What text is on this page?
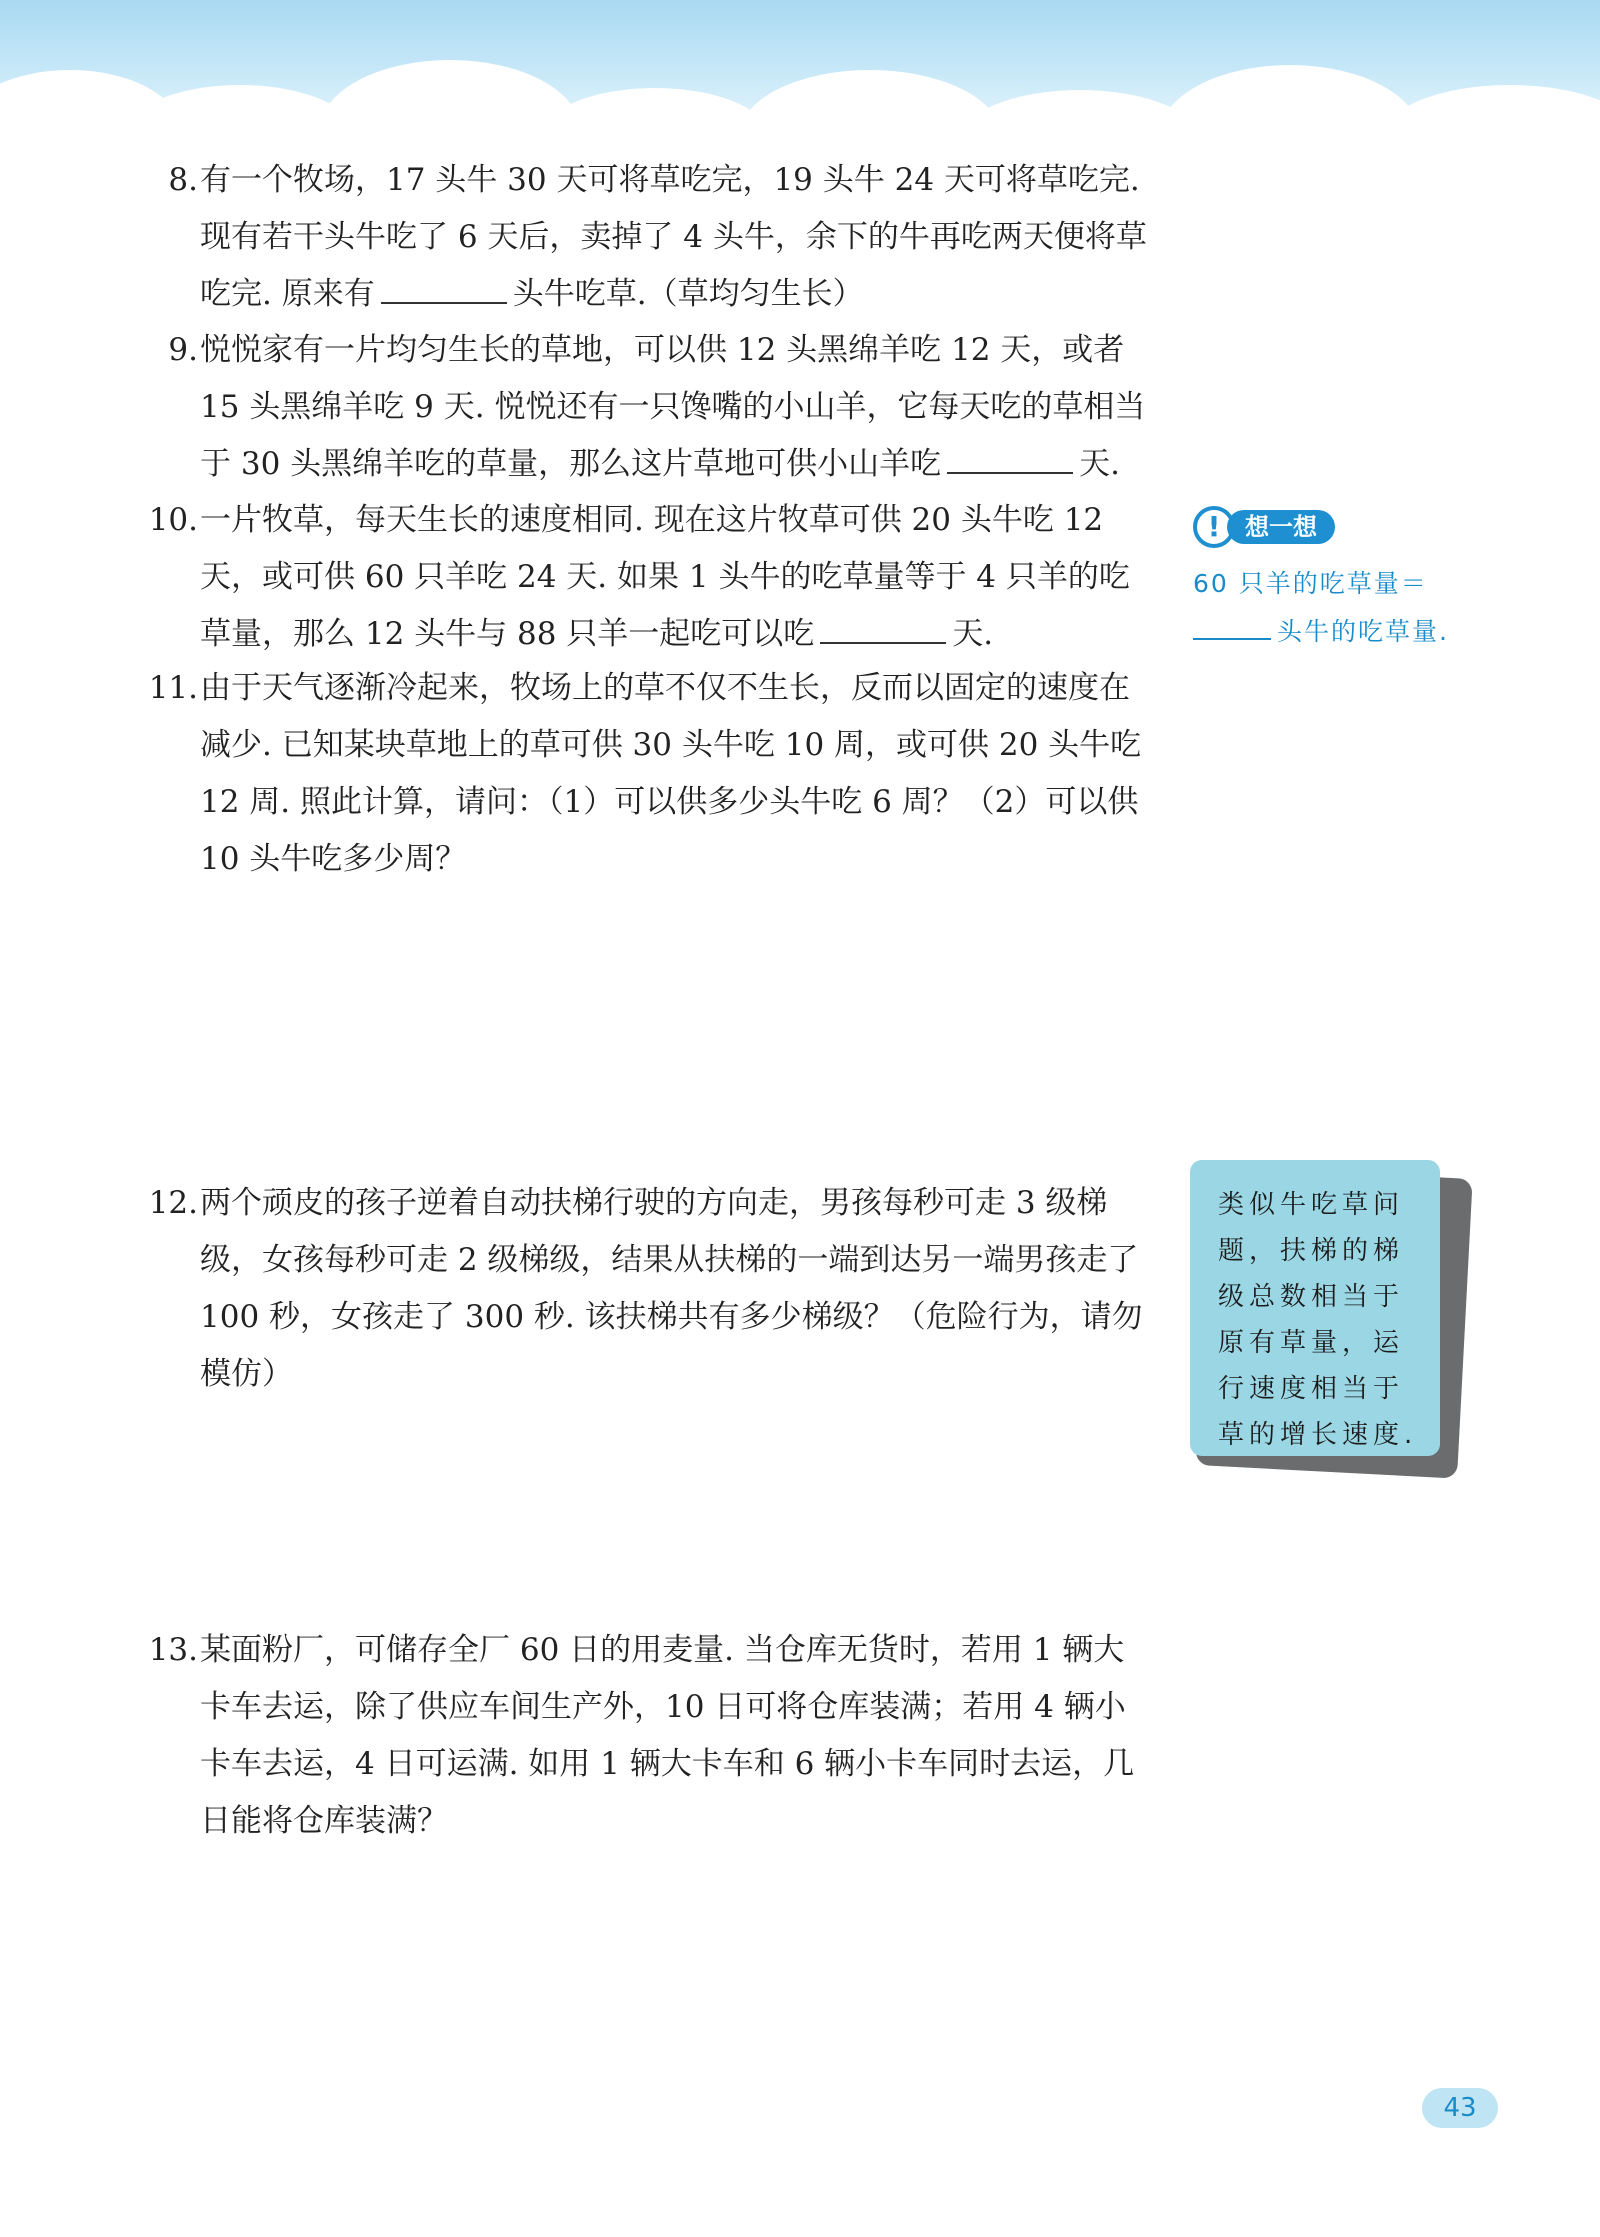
8. 有一个牧场，17 头牛 30 天可将草吃完，19 头牛 24 天可将草吃完. 现有若干头牛吃了 6 天后，卖掉了 4 头牛，余下的牛再吃两天便将草吃完. 原来有	头牛吃草.（草均匀生长）
9. 悦悦家有一片均匀生长的草地，可以供 12 头黑绵羊吃 12 天，或者 15 头黑绵羊吃 9 天. 悦悦还有一只馋嘴的小山羊，它每天吃的草相当于 30 头黑绵羊吃的草量，那么这片草地可供小山羊吃	天.
10. 一片牧草，每天生长的速度相同. 现在这片牧草可供 20 头牛吃 12 天，或可供 60 只羊吃 24 天. 如果 1 头牛的吃草量等于 4 只羊的吃草量，那么 12 头牛与 88 只羊一起吃可以吃	天.
11. 由于天气逐渐冷起来，牧场上的草不仅不生长，反而以固定的速度在减少. 已知某块草地上的草可供 30 头牛吃 10 周，或可供 20 头牛吃 12 周. 照此计算，请问：（1）可以供多少头牛吃 6 周？（2）可以供 10 头牛吃多少周？
12. 两个顽皮的孩子逆着自动扶梯行驶的方向走，男孩每秒可走 3 级梯级，女孩每秒可走 2 级梯级，结果从扶梯的一端到达另一端男孩走了 100 秒，女孩走了 300 秒. 该扶梯共有多少梯级？（危险行为，请勿模仿）
13. 某面粉厂，可储存全厂 60 日的用麦量. 当仓库无货时，若用 1 辆大卡车去运，除了供应车间生产外，10 日可将仓库装满；若用 4 辆小卡车去运，4 日可运满. 如用 1 辆大卡车和 6 辆小卡车同时去运，几日能将仓库装满？
!	想一想
60 只羊的吃草量＝
头牛的吃草量.
类似牛吃草问题，扶梯的梯级总数相当于原有草量，运行速度相当于草的增长速度.
43
